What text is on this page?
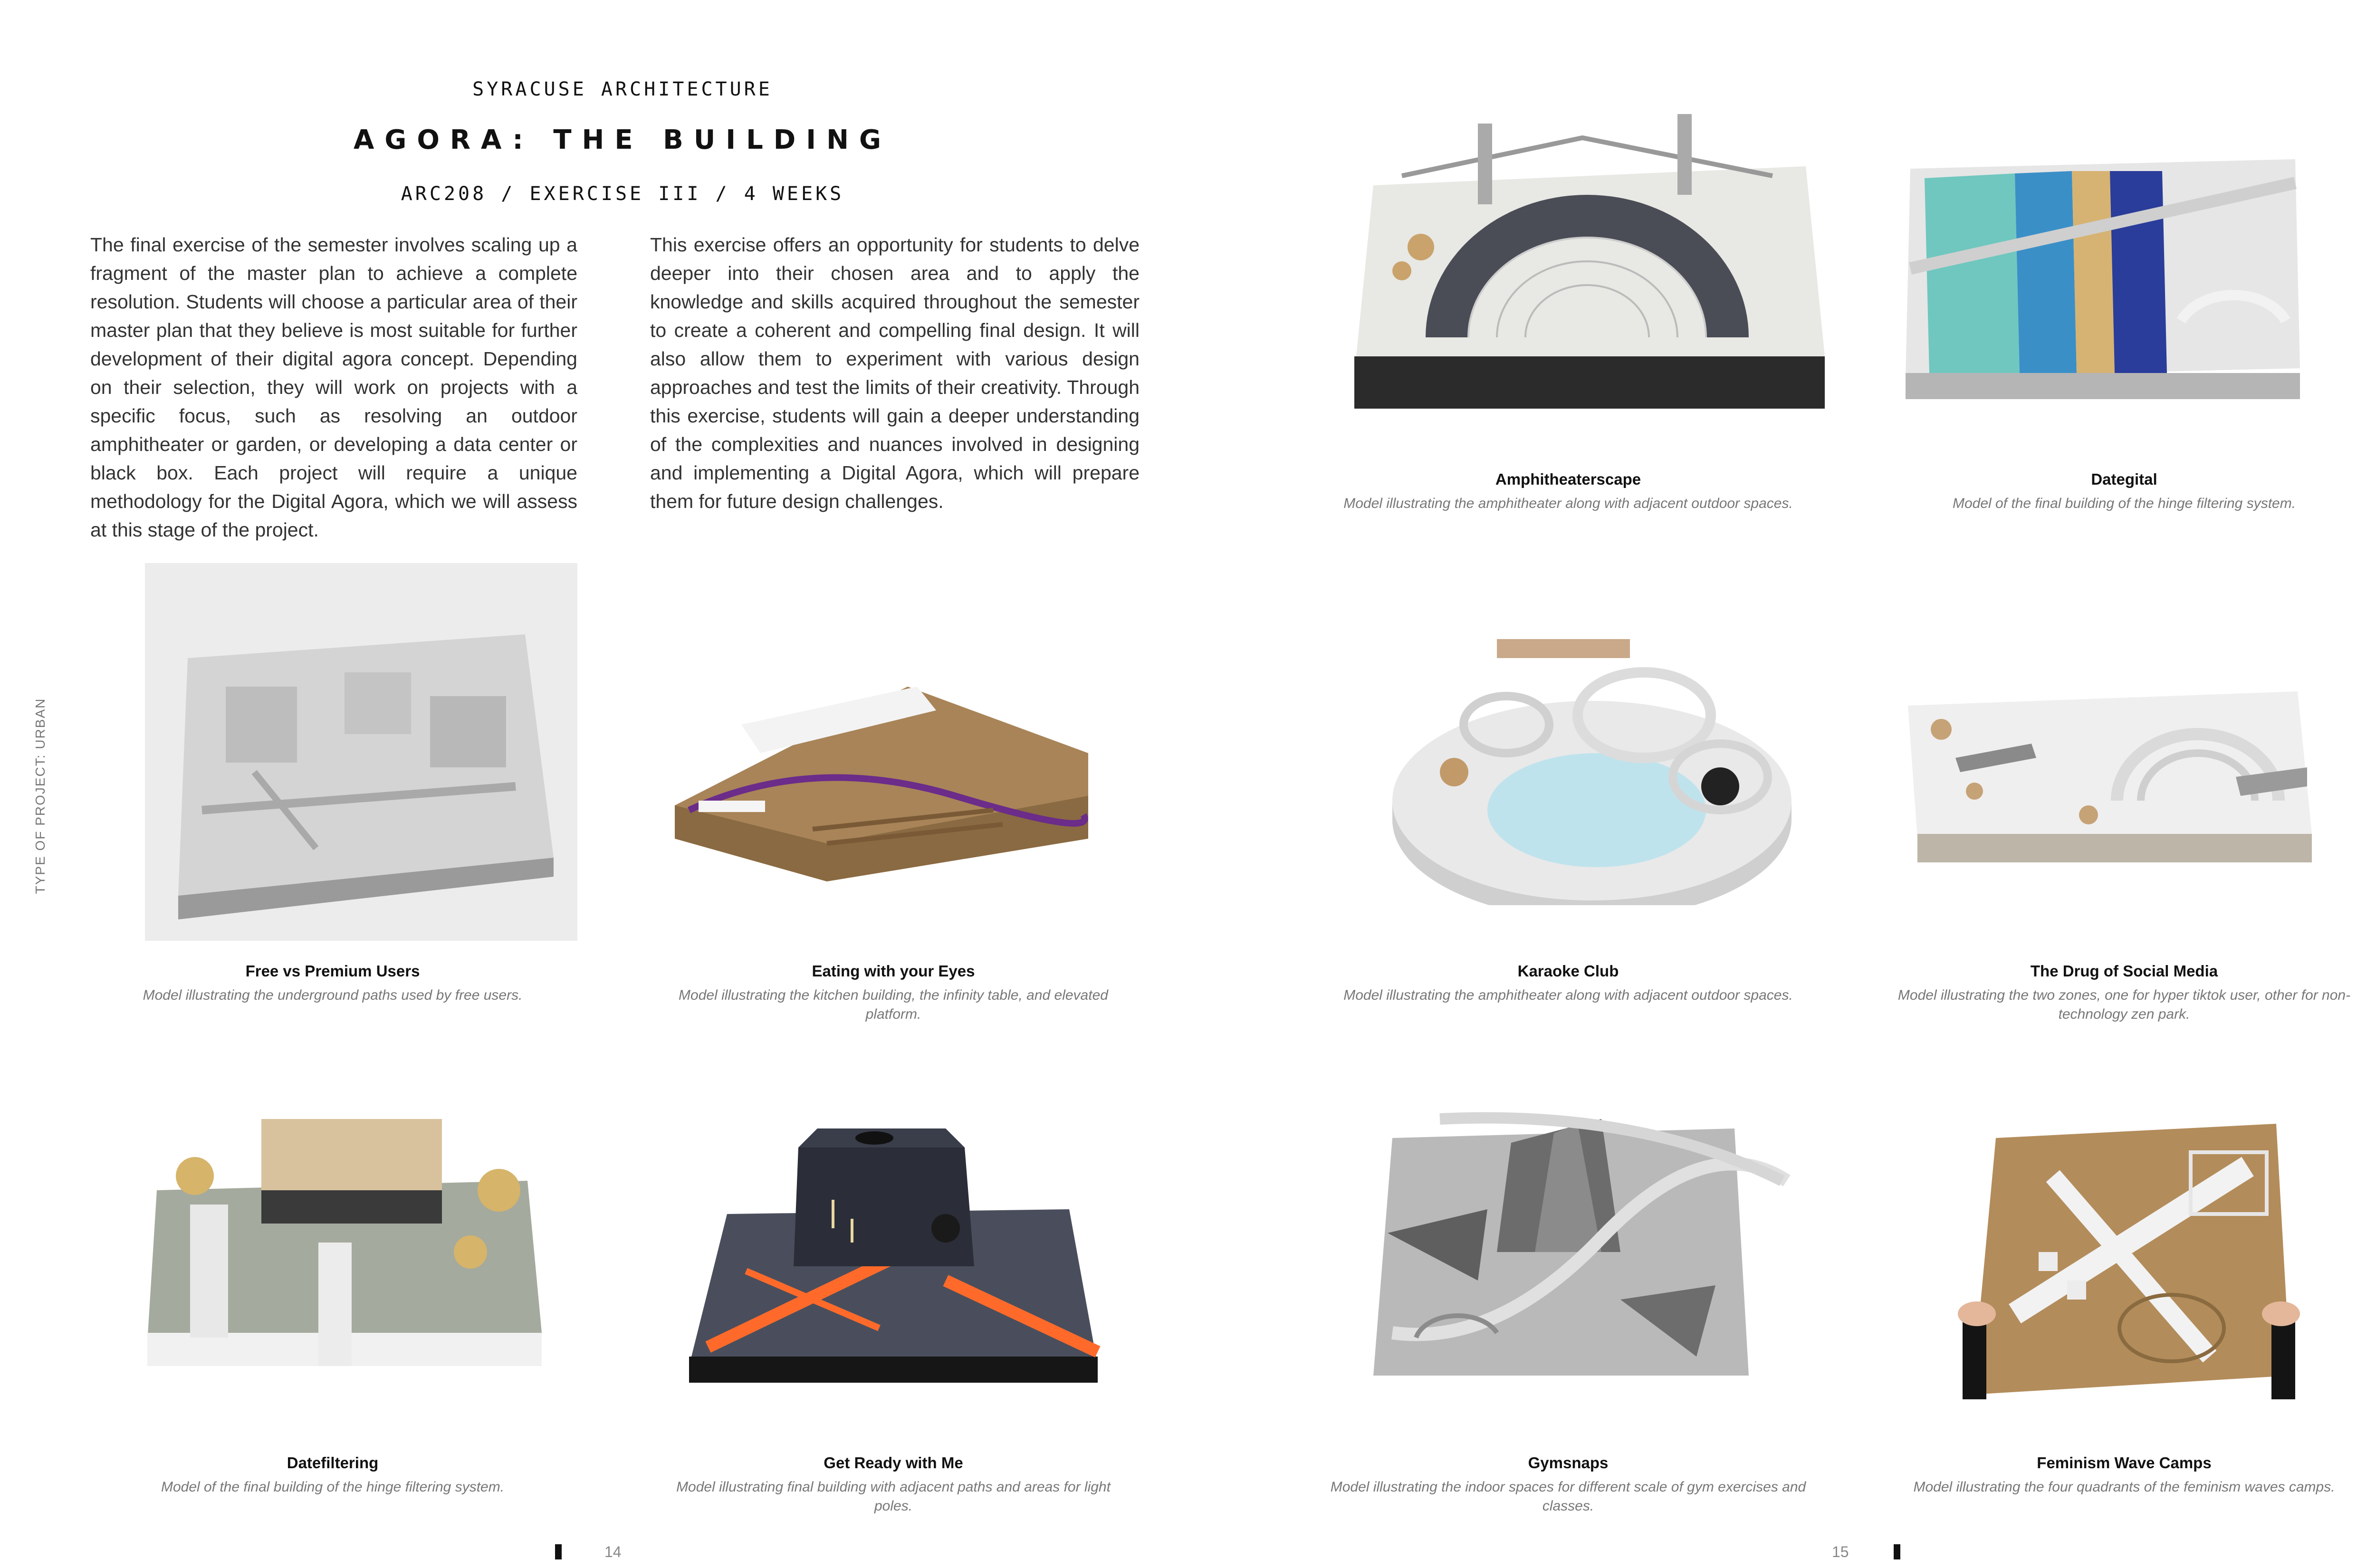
SYRACUSE ARCHITECTURE
AGORA: THE BUILDING
ARC208 / EXERCISE III / 4 WEEKS
The final exercise of the semester involves scaling up a fragment of the master plan to achieve a complete resolution. Students will choose a particular area of their master plan that they believe is most suitable for further development of their digital agora concept. Depending on their selection, they will work on projects with a specific focus, such as resolving an outdoor amphitheater or garden, or developing a data center or black box. Each project will require a unique methodology for the Digital Agora, which we will assess at this stage of the project.
This exercise offers an opportunity for students to delve deeper into their chosen area and to apply the knowledge and skills acquired throughout the semester to create a coherent and compelling final design. It will also allow them to experiment with various design approaches and test the limits of their creativity. Through this exercise, students will gain a deeper understanding of the complexities and nuances involved in designing and implementing a Digital Agora, which will prepare them for future design challenges.
TYPE OF PROJECT: URBAN
14	15
Amphitheaterscape
Model illustrating the amphitheater along with adjacent outdoor spaces.
Dategital
Model of the final building of the hinge filtering system.
Free vs Premium Users
Model illustrating the underground paths used by free users.
Eating with your Eyes
Model illustrating the kitchen building, the infinity table, and elevated platform.
Karaoke Club
Model illustrating the amphitheater along with adjacent outdoor spaces.
The Drug of Social Media
Model illustrating the two zones, one for hyper tiktok user, other for non-technology zen park.
Datefiltering
Model of the final building of the hinge filtering system.
Get Ready with Me
Model illustrating final building with adjacent paths and areas for light poles.
Gymsnaps
Model illustrating the indoor spaces for different scale of gym exercises and classes.
Feminism Wave Camps
Model illustrating the four quadrants of the feminism waves camps.
